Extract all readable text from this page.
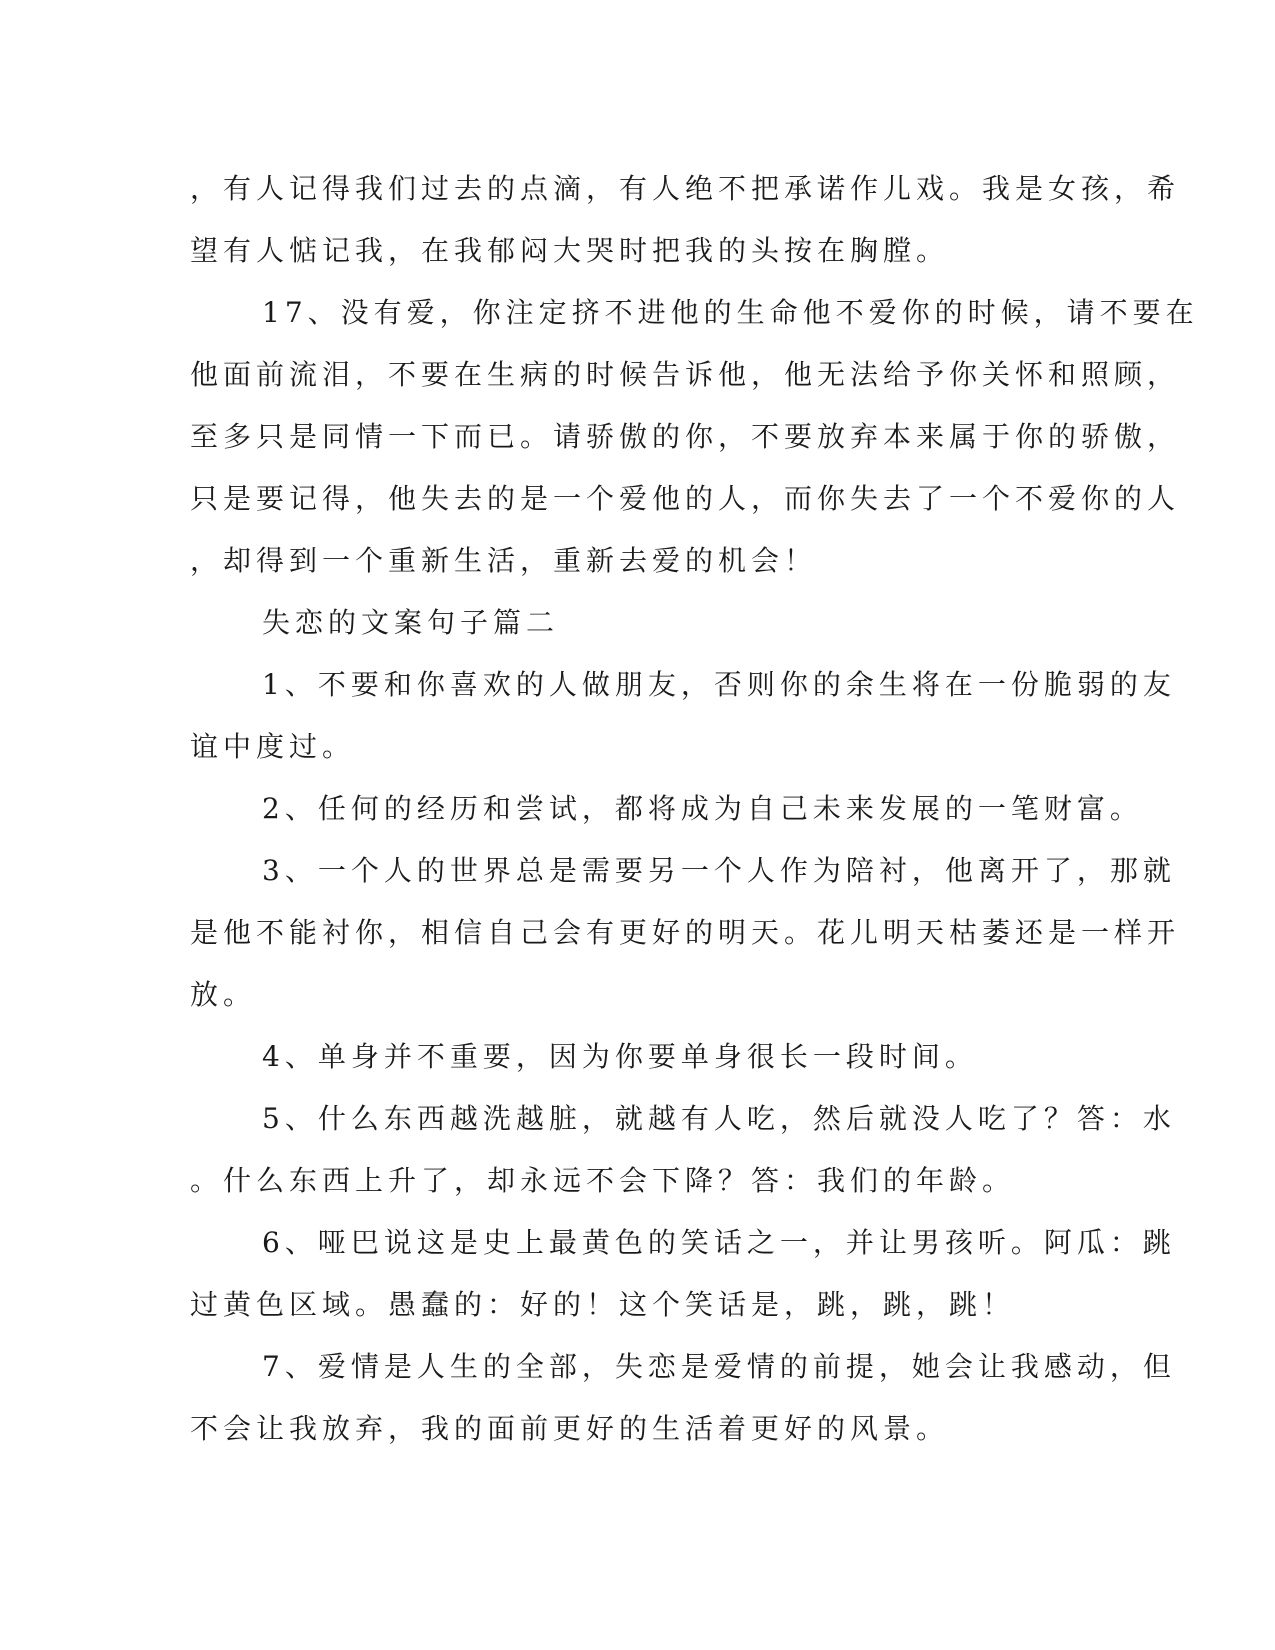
，有人记得我们过去的点滴，有人绝不把承诺作儿戏。我是女孩，希
望有人惦记我，在我郁闷大哭时把我的头按在胸膛。
17、没有爱，你注定挤不进他的生命他不爱你的时候，请不要在
他面前流泪，不要在生病的时候告诉他，他无法给予你关怀和照顾，
至多只是同情一下而已。请骄傲的你，不要放弃本来属于你的骄傲，
只是要记得，他失去的是一个爱他的人，而你失去了一个不爱你的人
，却得到一个重新生活，重新去爱的机会！
失恋的文案句子篇二
1、不要和你喜欢的人做朋友，否则你的余生将在一份脆弱的友
谊中度过。
2、任何的经历和尝试，都将成为自己未来发展的一笔财富。
3、一个人的世界总是需要另一个人作为陪衬，他离开了，那就
是他不能衬你，相信自己会有更好的明天。花儿明天枯萎还是一样开
放。
4、单身并不重要，因为你要单身很长一段时间。
5、什么东西越洗越脏，就越有人吃，然后就没人吃了？答：水
。什么东西上升了，却永远不会下降？答：我们的年龄。
6、哑巴说这是史上最黄色的笑话之一，并让男孩听。阿瓜：跳
过黄色区域。愚蠢的：好的！这个笑话是，跳，跳，跳！
7、爱情是人生的全部，失恋是爱情的前提，她会让我感动，但
不会让我放弃，我的面前更好的生活着更好的风景。
